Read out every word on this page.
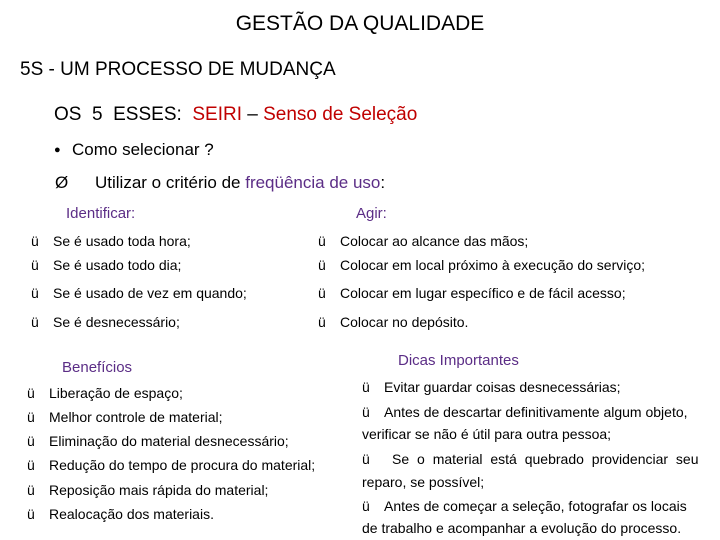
GESTÃO DA QUALIDADE
5S - UM PROCESSO DE MUDANÇA
OS  5  ESSES:  SEIRI – Senso de Seleção
● Como selecionar ?
Ø Utilizar o critério de freqüência de uso:
Identificar:	Agir:
ü Se é usado toda hora;
ü Se é usado todo dia;
ü Se é usado de vez em quando;
ü Se é desnecessário;
ü Colocar ao alcance das mãos;
ü Colocar em local próximo à execução do serviço;
ü Colocar em lugar específico e de fácil acesso;
ü Colocar no depósito.
Benefícios	Dicas Importantes
ü Liberação de espaço;
ü Melhor controle de material;
ü Eliminação do material desnecessário;
ü Redução do tempo de procura do material;
ü Reposição mais rápida do material;
ü Realocação dos materiais.
ü Evitar guardar coisas desnecessárias;
ü Antes de descartar definitivamente algum objeto,
verificar se não é útil para outra pessoa;
ü Se o material está quebrado providenciar seu
reparo, se possível;
ü Antes de começar a seleção, fotografar os locais
de trabalho e acompanhar a evolução do processo.
